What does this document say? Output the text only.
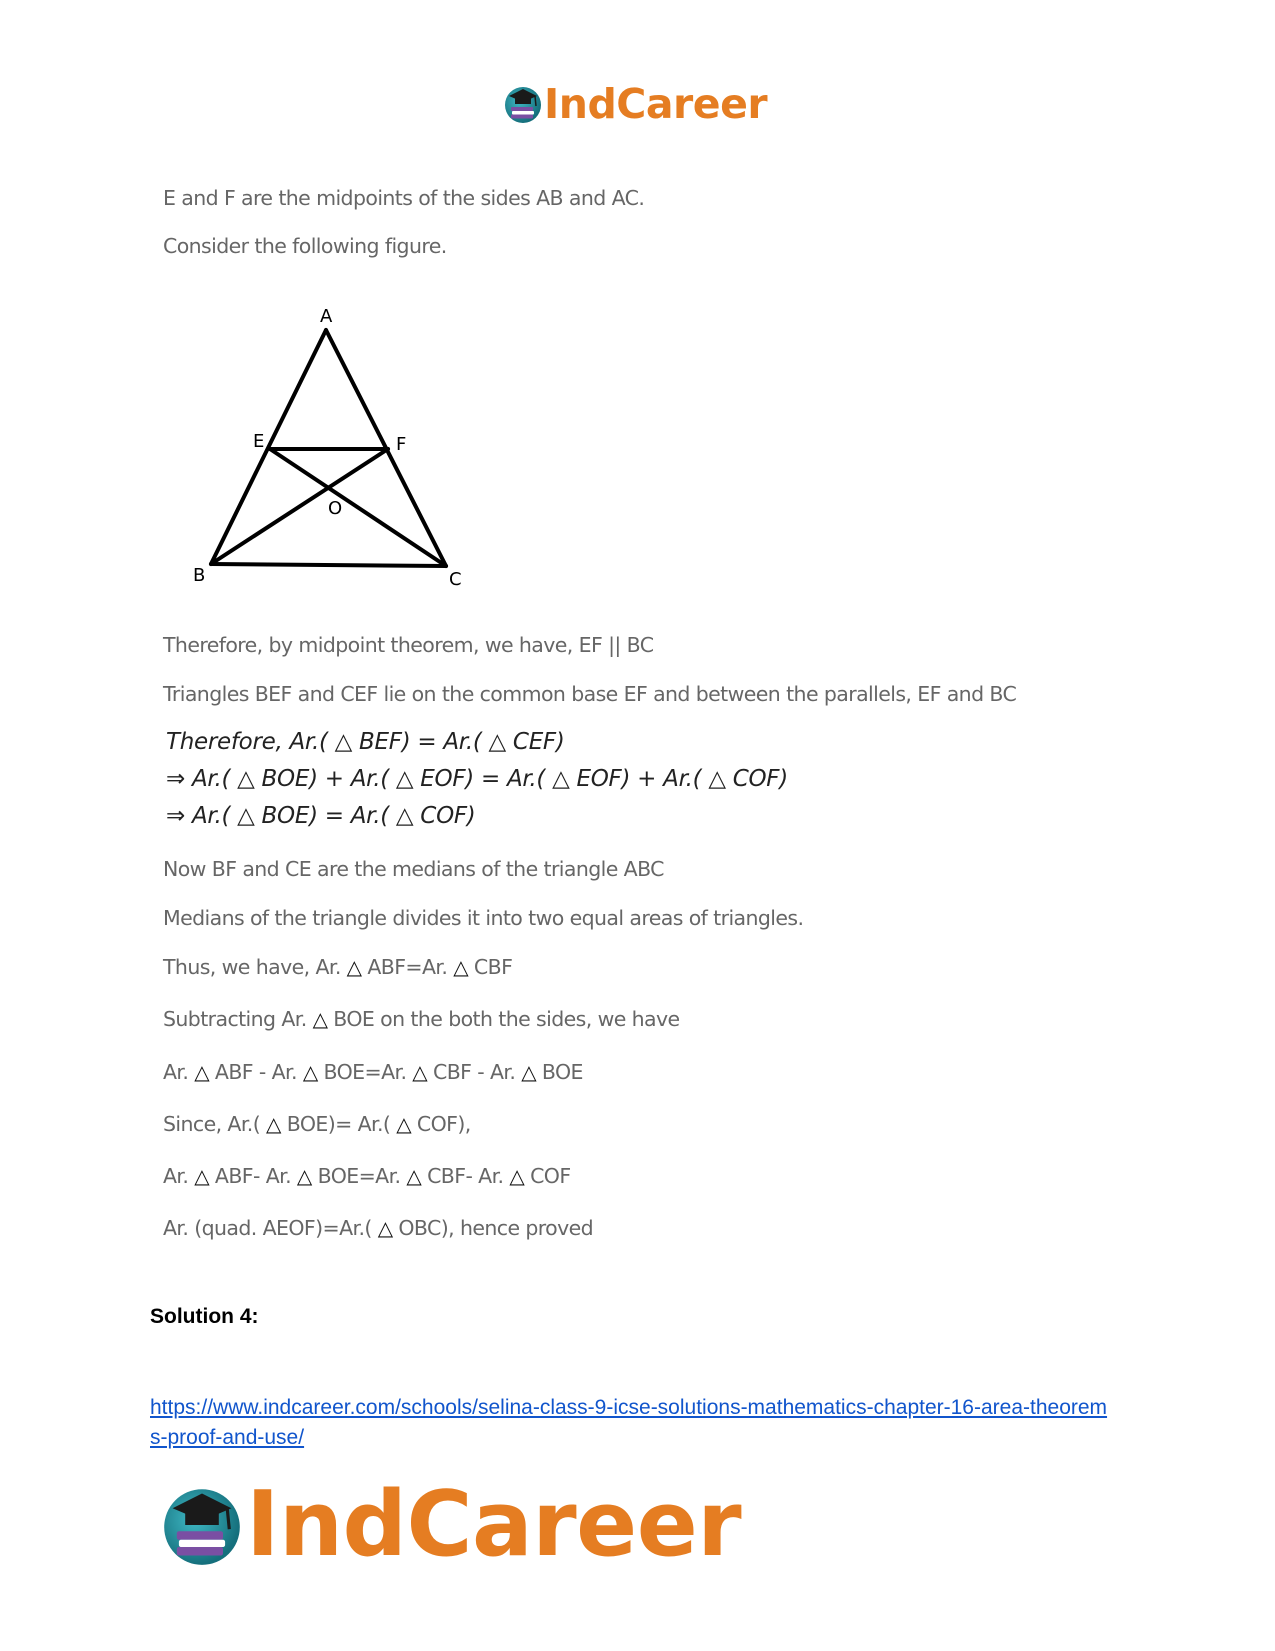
IndCareer
E and F are the midpoints of the sides AB and AC.
Consider the following figure.
A
E	F
O
B	C
Therefore, by midpoint theorem, we have, EF || BC
Triangles BEF and CEF lie on the common base EF and between the parallels, EF and BC
Therefore, Ar.( △ BEF) = Ar.( △ CEF)
⇒ Ar.( △ BOE) + Ar.( △ EOF) = Ar.( △ EOF) + Ar.( △ COF)
⇒ Ar.( △ BOE) = Ar.( △ COF)
Now BF and CE are the medians of the triangle ABC
Medians of the triangle divides it into two equal areas of triangles.
Thus, we have, Ar. △ ABF=Ar. △ CBF
Subtracting Ar. △ BOE on the both the sides, we have
Ar. △ ABF - Ar. △ BOE=Ar. △ CBF - Ar. △ BOE
Since, Ar.( △ BOE)= Ar.( △ COF),
Ar. △ ABF- Ar. △ BOE=Ar. △ CBF- Ar. △ COF
Ar. (quad. AEOF)=Ar.( △ OBC), hence proved
Solution 4:
https://www.indcareer.com/schools/selina-class-9-icse-solutions-mathematics-chapter-16-area-theorems-proof-and-use/
IndCareer
